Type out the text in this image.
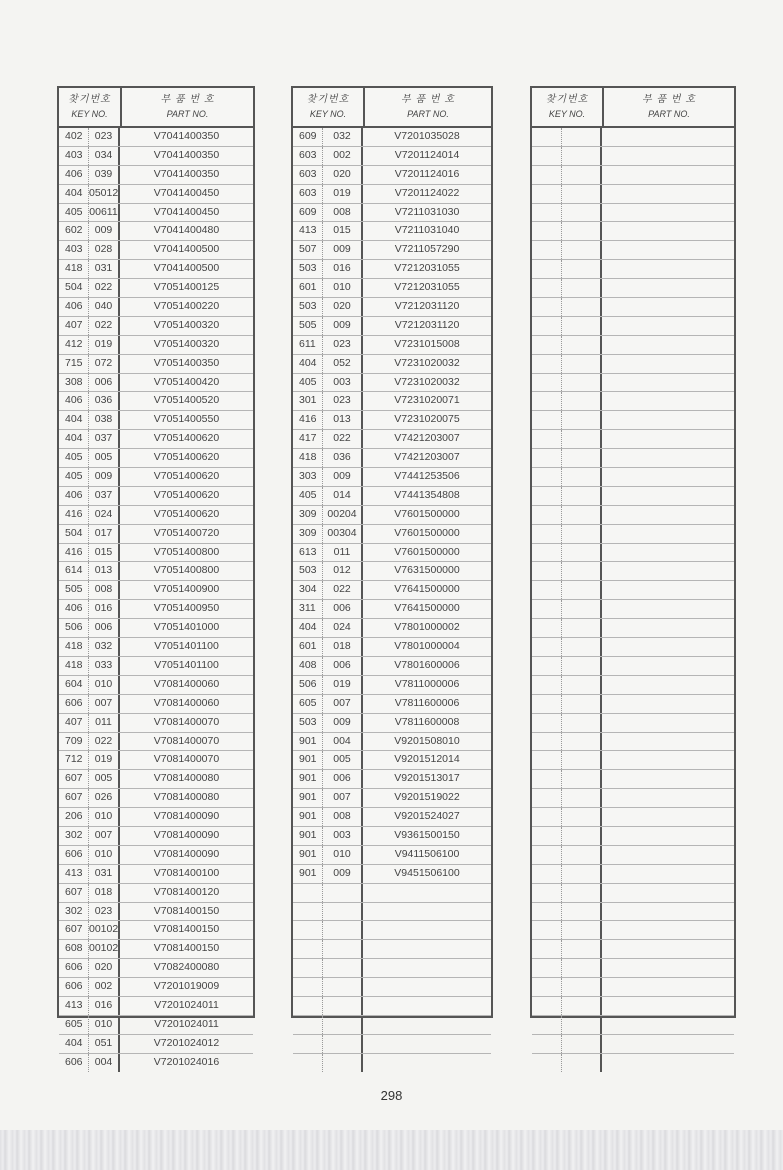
찾기번호
KEY NO.
부 품 번 호
PART NO.
402	023	V7041400350
403	034	V7041400350
406	039	V7041400350
404 05012	V7041400450
405 00611	V7041400450
602	009	V7041400480
403	028	V7041400500
418	031	V7041400500
504	022	V7051400125
406	040	V7051400220
407	022	V7051400320
412	019	V7051400320
715	072	V7051400350
308	006	V7051400420
406	036	V7051400520
404	038	V7051400550
404	037	V7051400620
405	005	V7051400620
405	009	V7051400620
406	037	V7051400620
416	024	V7051400620
504	017	V7051400720
416	015	V7051400800
614	013	V7051400800
505	008	V7051400900
406	016	V7051400950
506	006	V7051401000
418	032	V7051401100
418	033	V7051401100
604	010	V7081400060
606	007	V7081400060
407	011	V7081400070
709	022	V7081400070
712	019	V7081400070
607	005	V7081400080
607	026	V7081400080
206	010	V7081400090
302	007	V7081400090
606	010	V7081400090
413	031	V7081400100
607	018	V7081400120
302	023	V7081400150
607 00102	V7081400150
608 00102	V7081400150
606	020	V7082400080
606	002	V7201019009
413	016	V7201024011
605	010	V7201024011
404	051	V7201024012
606	004	V7201024016
찾기번호
KEY NO.
부 품 번 호
PART NO.
609	032	V7201035028
603	002	V7201124014
603	020	V7201124016
603	019	V7201124022
609	008	V7211031030
413	015	V7211031040
507	009	V7211057290
503	016	V7212031055
601	010	V7212031055
503	020	V7212031120
505	009	V7212031120
611	023	V7231015008
404	052	V7231020032
405	003	V7231020032
301	023	V7231020071
416	013	V7231020075
417	022	V7421203007
418	036	V7421203007
303	009	V7441253506
405	014	V7441354808
309	00204	V7601500000
309	00304	V7601500000
613	011	V7601500000
503	012	V7631500000
304	022	V7641500000
311	006	V7641500000
404	024	V7801000002
601	018	V7801000004
408	006	V7801600006
506	019	V7811000006
605	007	V7811600006
503	009	V7811600008
901	004	V9201508010
901	005	V9201512014
901	006	V9201513017
901	007	V9201519022
901	008	V9201524027
901	003	V9361500150
901	010	V9411506100
901	009	V9451506100
찾기번호
KEY NO.
부 품 번 호
PART NO.
298
